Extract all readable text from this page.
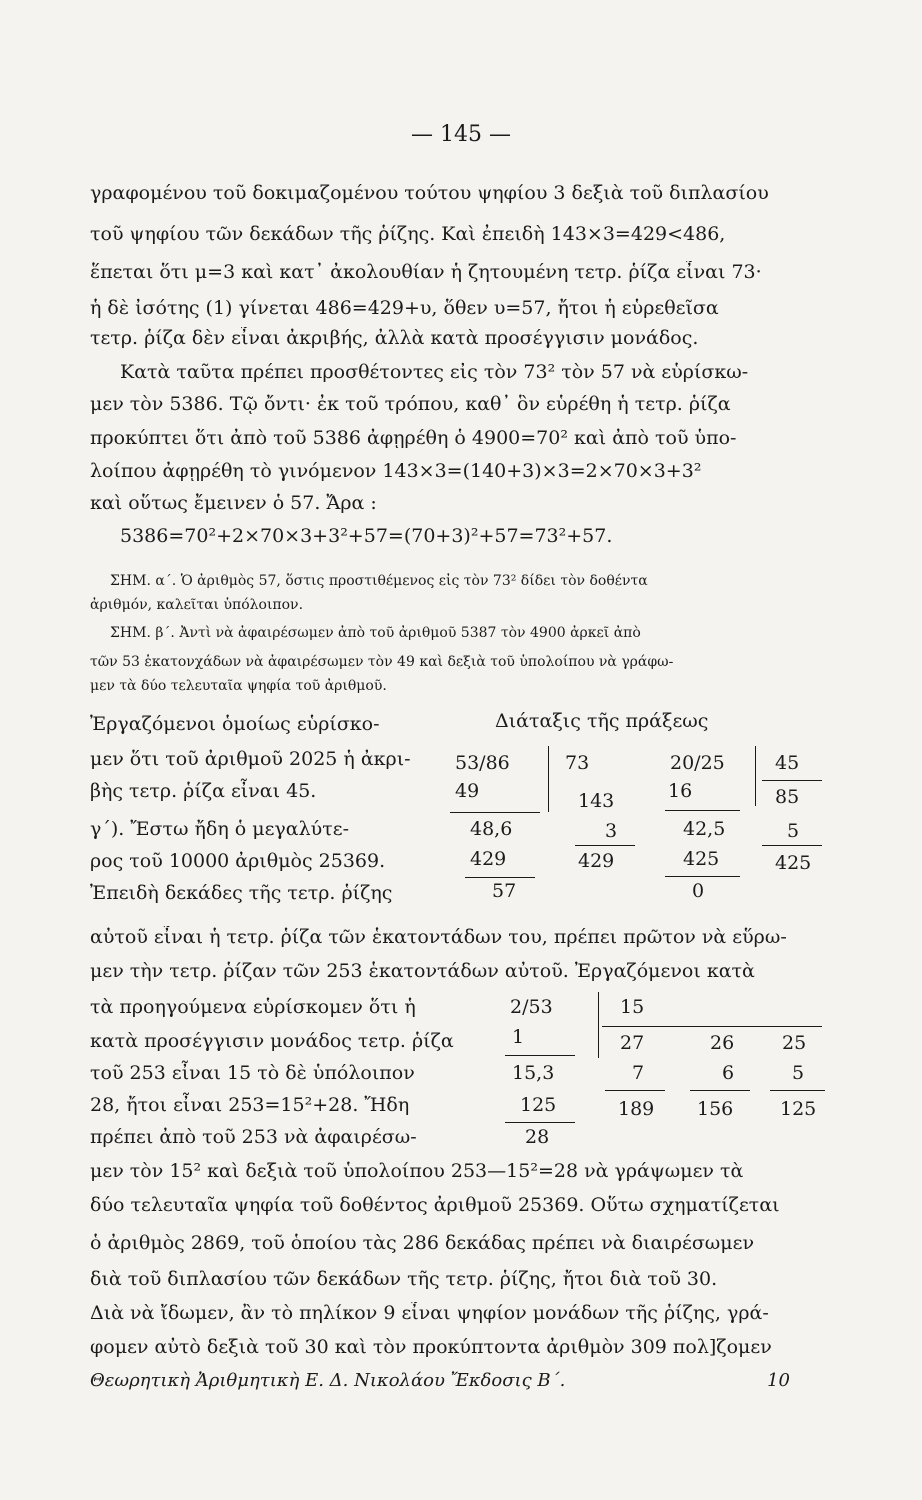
— 145 —
γραφομένου τοῦ δοκιμαζομένου τούτου ψηφίου 3 δεξιὰ τοῦ διπλασίου
τοῦ ψηφίου τῶν δεκάδων τῆς ῥίζης. Καὶ ἐπειδὴ 143×3=429<486,
ἕπεται ὅτι μ=3 καὶ κατ᾽ ἀκολουθίαν ἡ ζητουμένη τετρ. ῥίζα εἶναι 73·
ἡ δὲ ἰσότης (1) γίνεται 486=429+υ, ὅθεν υ=57, ἤτοι ἡ εὑρεθεῖσα
τετρ. ῥίζα δὲν εἶναι ἀκριβής, ἀλλὰ κατὰ προσέγγισιν μονάδος.
Κατὰ ταῦτα πρέπει προσθέτοντες εἰς τὸν 73² τὸν 57 νὰ εὑρίσκω-
μεν τὸν 5386. Τῷ ὄντι· ἐκ τοῦ τρόπου, καθ᾽ ὃν εὑρέθη ἡ τετρ. ῥίζα
προκύπτει ὅτι ἀπὸ τοῦ 5386 ἀφῃρέθη ὁ 4900=70² καὶ ἀπὸ τοῦ ὑπο-
λοίπου ἀφῃρέθη τὸ γινόμενον 143×3=(140+3)×3=2×70×3+3²
καὶ οὕτως ἔμεινεν ὁ 57. Ἄρα :
5386=70²+2×70×3+3²+57=(70+3)²+57=73²+57.
ΣΗΜ. α΄. Ὁ ἀριθμὸς 57, ὅστις προστιθέμενος εἰς τὸν 73² δίδει τὸν δοθέντα
ἀριθμόν, καλεῖται ὑπόλοιπον.
ΣΗΜ. β΄. Ἀντὶ νὰ ἀφαιρέσωμεν ἀπὸ τοῦ ἀριθμοῦ 5387 τὸν 4900 ἀρκεῖ ἀπὸ
τῶν 53 ἑκατονχάδων νὰ ἀφαιρέσωμεν τὸν 49 καὶ δεξιὰ τοῦ ὑπολοίπου νὰ γράφω-
μεν τὰ δύο τελευταῖα ψηφία τοῦ ἀριθμοῦ.
Ἐργαζόμενοι ὁμοίως εὑρίσκο-
μεν ὅτι τοῦ ἀριθμοῦ 2025 ἡ ἀκρι-
βὴς τετρ. ῥίζα εἶναι 45.
γ΄). Ἔστω ἤδη ὁ μεγαλύτε-
ρος τοῦ 10000 ἀριθμὸς 25369.
Ἐπειδὴ δεκάδες τῆς τετρ. ῥίζης
Διάταξις τῆς πράξεως
53/86
49
48,6
429
57
73
143
3
429
20/25
16
42,5
425
0
45
85
5
425
αὐτοῦ εἶναι ἡ τετρ. ῥίζα τῶν ἑκατοντάδων του, πρέπει πρῶτον νὰ εὕρω-
μεν τὴν τετρ. ῥίζαν τῶν 253 ἑκατοντάδων αὐτοῦ. Ἐργαζόμενοι κατὰ
τὰ προηγούμενα εὑρίσκομεν ὅτι ἡ
κατὰ προσέγγισιν μονάδος τετρ. ῥίζα
τοῦ 253 εἶναι 15 τὸ δὲ ὑπόλοιπον
28, ἤτοι εἶναι 253=15²+28. Ἤδη
πρέπει ἀπὸ τοῦ 253 νὰ ἀφαιρέσω-
2/53
1
15,3
125
28
15
27
7
189
26
6
156
25
5
125
μεν τὸν 15² καὶ δεξιὰ τοῦ ὑπολοίπου 253—15²=28 νὰ γράψωμεν τὰ
δύο τελευταῖα ψηφία τοῦ δοθέντος ἀριθμοῦ 25369. Οὕτω σχηματίζεται
ὁ ἀριθμὸς 2869, τοῦ ὁποίου τὰς 286 δεκάδας πρέπει νὰ διαιρέσωμεν
διὰ τοῦ διπλασίου τῶν δεκάδων τῆς τετρ. ῥίζης, ἤτοι διὰ τοῦ 30.
Διὰ νὰ ἴδωμεν, ἂν τὸ πηλίκον 9 εἶναι ψηφίον μονάδων τῆς ῥίζης, γρά-
φομεν αὐτὸ δεξιὰ τοῦ 30 καὶ τὸν προκύπτοντα ἀριθμὸν 309 πολ]ζομεν
Θεωρητικὴ Ἀριθμητικὴ Ε. Δ. Νικολάου Ἔκδοσις Β΄.	10
